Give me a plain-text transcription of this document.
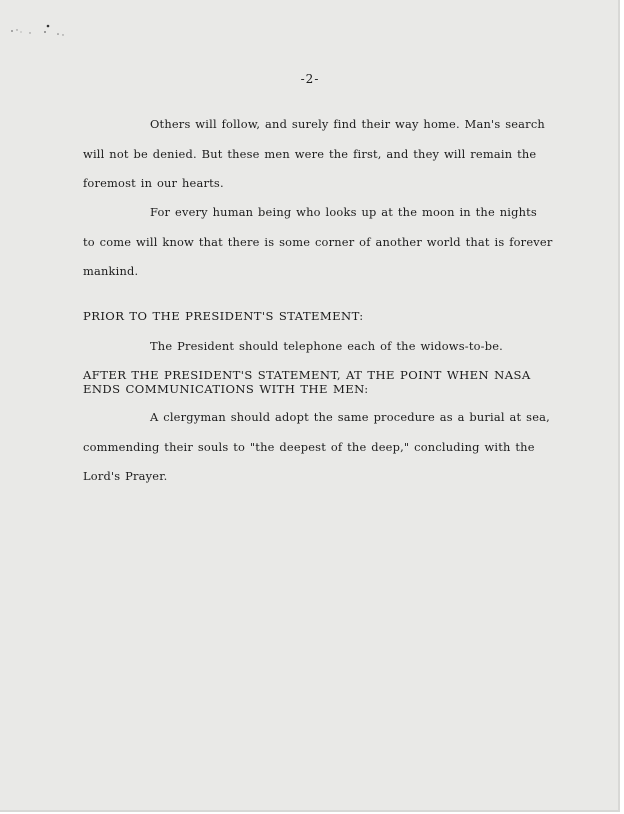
-2-

Others will follow, and surely find their way home. Man's search will not be denied. But these men were the first, and they will remain the foremost in our hearts.

For every human being who looks up at the moon in the nights to come will know that there is some corner of another world that is forever mankind.

PRIOR TO THE PRESIDENT'S STATEMENT:

The President should telephone each of the widows-to-be.

AFTER THE PRESIDENT'S STATEMENT, AT THE POINT WHEN NASA ENDS COMMUNICATIONS WITH THE MEN:

A clergyman should adopt the same procedure as a burial at sea, commending their souls to "the deepest of the deep," concluding with the Lord's Prayer.
